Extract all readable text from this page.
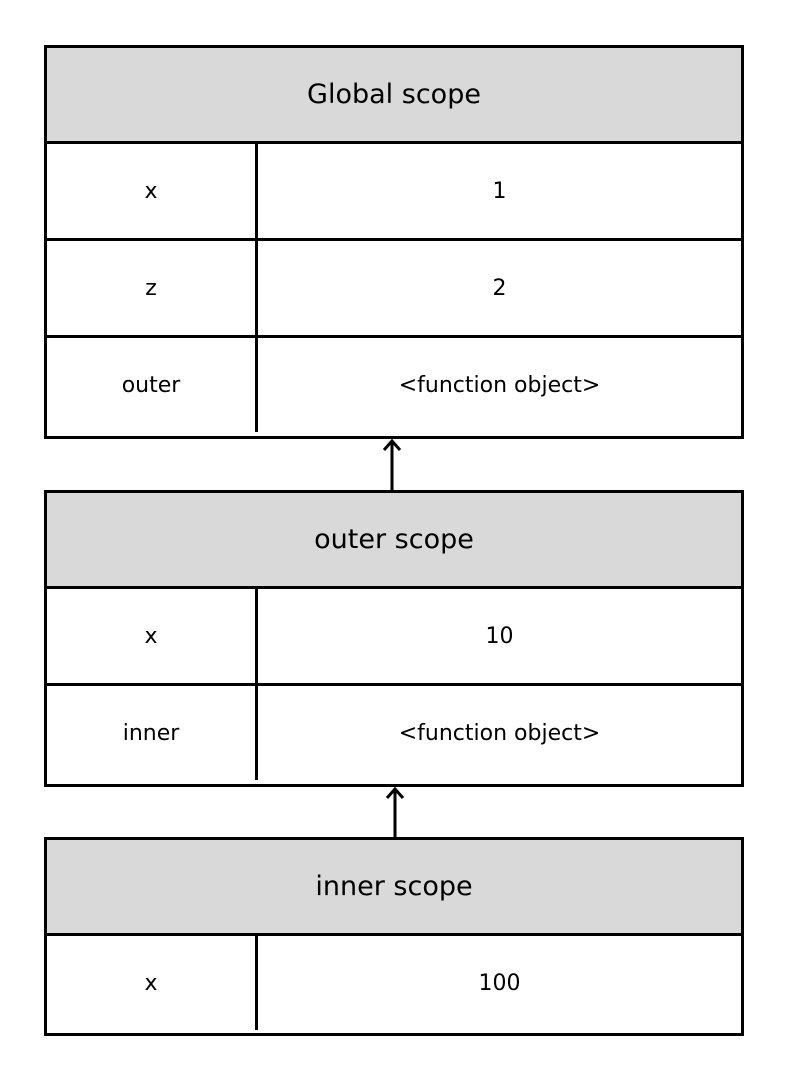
Global scope
x	1
z	2
outer	<function object>
outer scope
x	10
inner	<function object>
inner scope
x	100
